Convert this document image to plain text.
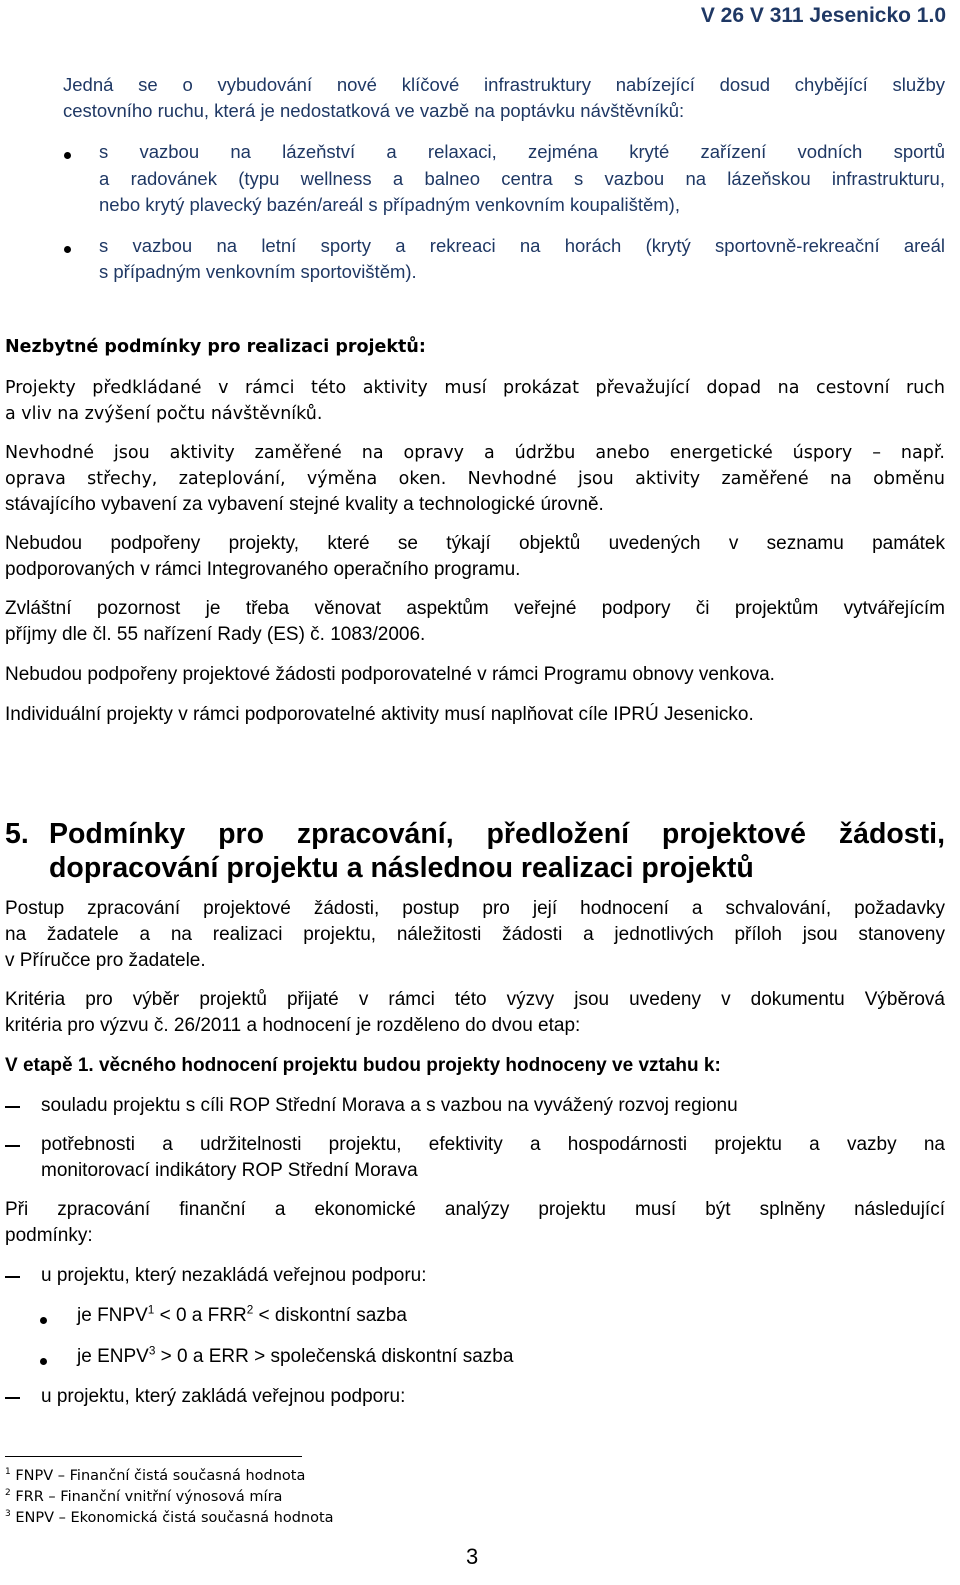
V 26 V 311 Jesenicko 1.0
Jedná se o vybudování nové klíčové infrastruktury nabízející dosud chybějící služby
cestovního ruchu, která je nedostatková ve vazbě na poptávku návštěvníků:
s vazbou na lázeňství a relaxaci, zejména kryté zařízení vodních sportů
a radovánek (typu wellness a balneo centra s vazbou na lázeňskou infrastrukturu,
nebo krytý plavecký bazén/areál s případným venkovním koupalištěm),
s vazbou na letní sporty a rekreaci na horách (krytý sportovně-rekreační areál
s případným venkovním sportovištěm).
Nezbytné podmínky pro realizaci projektů:
Projekty předkládané v rámci této aktivity musí prokázat převažující dopad na cestovní ruch
a vliv na zvýšení počtu návštěvníků.
Nevhodné jsou aktivity zaměřené na opravy a údržbu anebo energetické úspory – např.
oprava střechy, zateplování, výměna oken. Nevhodné jsou aktivity zaměřené na obměnu
stávajícího vybavení za vybavení stejné kvality a technologické úrovně.
Nebudou podpořeny projekty, které se týkají objektů uvedených v seznamu památek
podporovaných v rámci Integrovaného operačního programu.
Zvláštní pozornost je třeba věnovat aspektům veřejné podpory či projektům vytvářejícím
příjmy dle čl. 55 nařízení Rady (ES) č. 1083/2006.
Nebudou podpořeny projektové žádosti podporovatelné v rámci Programu obnovy venkova.
Individuální projekty v rámci podporovatelné aktivity musí naplňovat cíle IPRÚ Jesenicko.
5. Podmínky pro zpracování, předložení projektové žádosti,
dopracování projektu a následnou realizaci projektů
Postup zpracování projektové žádosti, postup pro její hodnocení a schvalování, požadavky
na žadatele a na realizaci projektu, náležitosti žádosti a jednotlivých příloh jsou stanoveny
v Příručce pro žadatele.
Kritéria pro výběr projektů přijaté v rámci této výzvy jsou uvedeny v dokumentu Výběrová
kritéria pro výzvu č. 26/2011 a hodnocení je rozděleno do dvou etap:
V etapě 1. věcného hodnocení projektu budou projekty hodnoceny ve vztahu k:
souladu projektu s cíli ROP Střední Morava a s vazbou na vyvážený rozvoj regionu
potřebnosti a udržitelnosti projektu, efektivity a hospodárnosti projektu a vazby na
monitorovací indikátory ROP Střední Morava
Při zpracování finanční a ekonomické analýzy projektu musí být splněny následující
podmínky:
u projektu, který nezakládá veřejnou podporu:
je $FNPV^1 < 0$ a $FRR^2$ < diskontní sazba
je $ENPV^3 > 0$ a ERR > společenská diskontní sazba
u projektu, který zakládá veřejnou podporu:
$^1$ FNPV – Finanční čistá současná hodnota
$^2$ FRR – Finanční vnitřní výnosová míra
$^3$ ENPV – Ekonomická čistá současná hodnota
3
